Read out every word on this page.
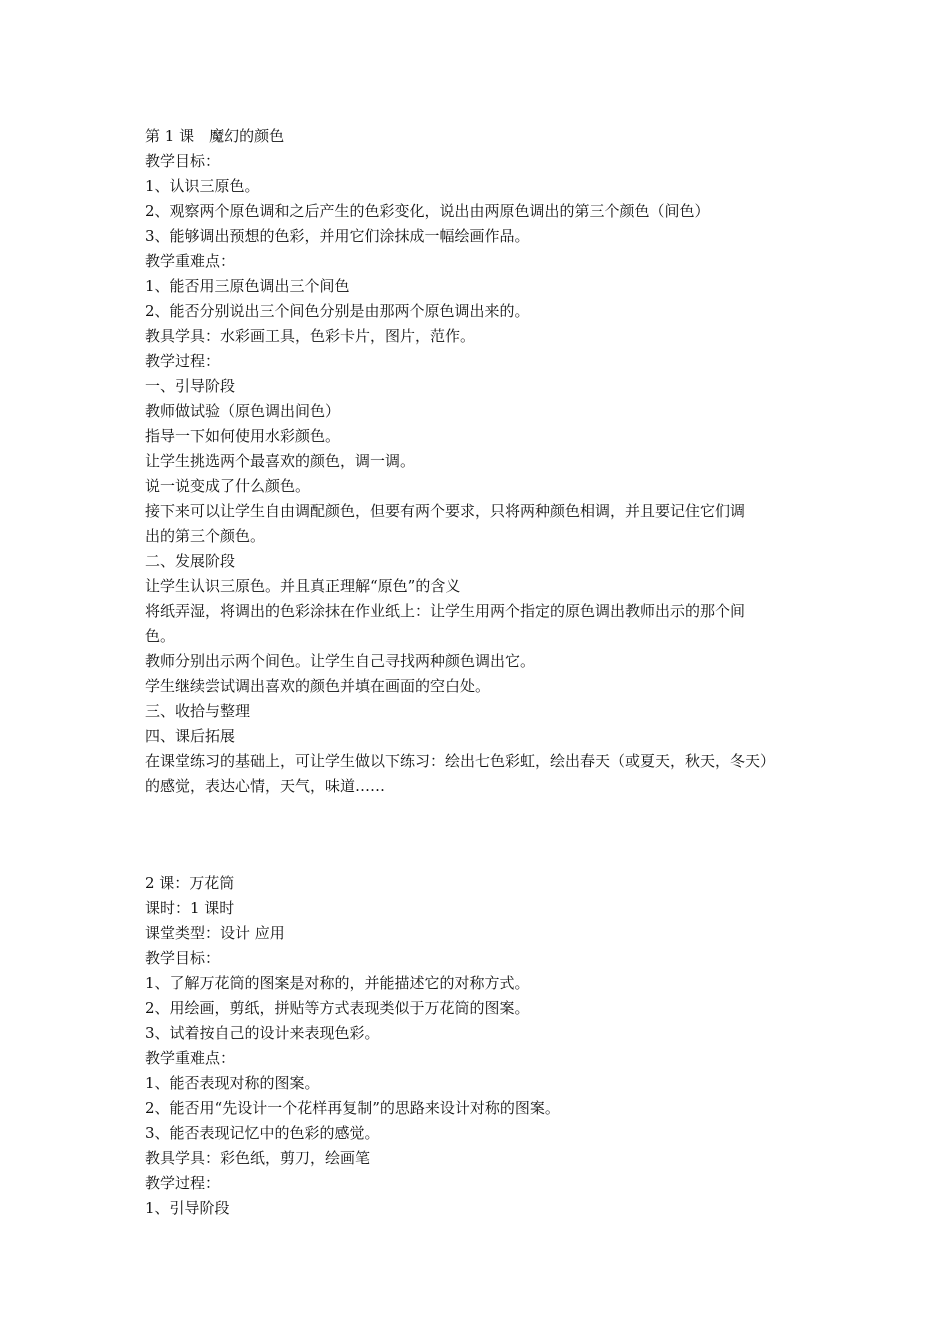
第 1 课　魔幻的颜色
教学目标：
1、认识三原色。
2、观察两个原色调和之后产生的色彩变化，说出由两原色调出的第三个颜色（间色）
3、能够调出预想的色彩，并用它们涂抹成一幅绘画作品。
教学重难点：
1、能否用三原色调出三个间色
2、能否分别说出三个间色分别是由那两个原色调出来的。
教具学具：水彩画工具，色彩卡片，图片，范作。
教学过程：
一、引导阶段
教师做试验（原色调出间色）
指导一下如何使用水彩颜色。
让学生挑选两个最喜欢的颜色，调一调。
说一说变成了什么颜色。
接下来可以让学生自由调配颜色，但要有两个要求，只将两种颜色相调，并且要记住它们调
出的第三个颜色。
二、发展阶段
让学生认识三原色。并且真正理解“原色”的含义
将纸弄湿，将调出的色彩涂抹在作业纸上：让学生用两个指定的原色调出教师出示的那个间
色。
教师分别出示两个间色。让学生自己寻找两种颜色调出它。
学生继续尝试调出喜欢的颜色并填在画面的空白处。
三、收拾与整理
四、课后拓展
在课堂练习的基础上，可让学生做以下练习：绘出七色彩虹，绘出春天（或夏天，秋天，冬天）
的感觉，表达心情，天气，味道……
2 课：万花筒
课时：1 课时
课堂类型：设计 应用
教学目标：
1、了解万花筒的图案是对称的，并能描述它的对称方式。
2、用绘画，剪纸，拼贴等方式表现类似于万花筒的图案。
3、试着按自己的设计来表现色彩。
教学重难点：
1、能否表现对称的图案。
2、能否用“先设计一个花样再复制”的思路来设计对称的图案。
3、能否表现记忆中的色彩的感觉。
教具学具：彩色纸，剪刀，绘画笔
教学过程：
1、引导阶段
